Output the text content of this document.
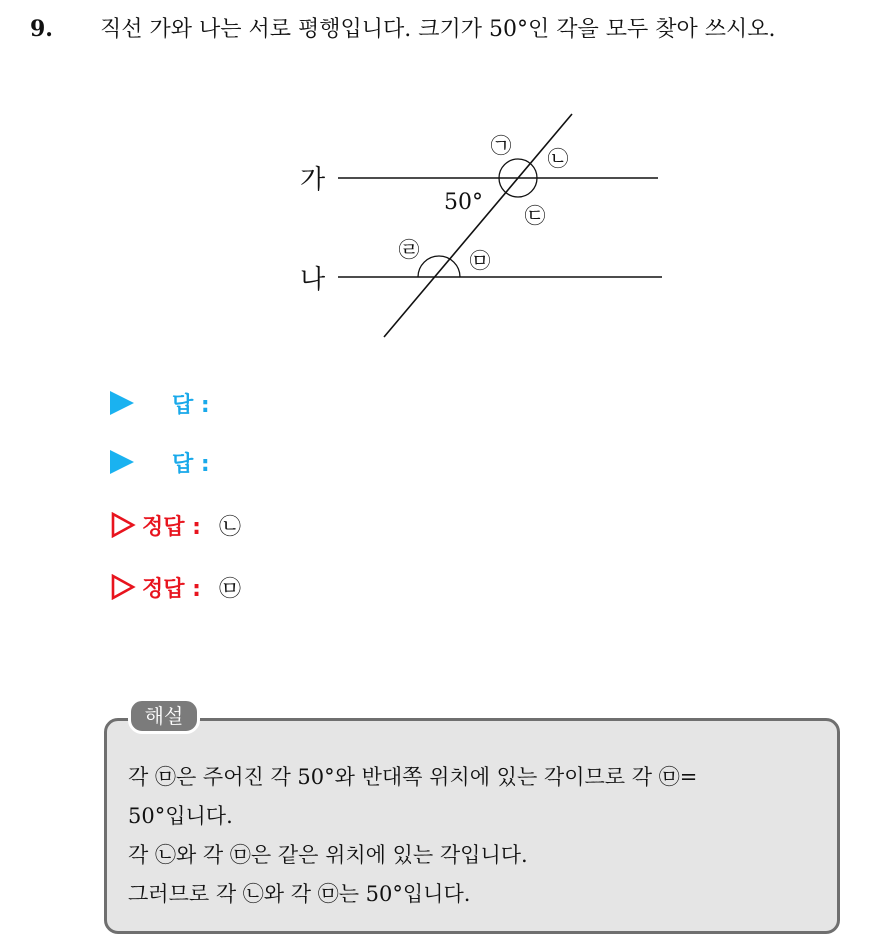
9. 직선 가와 나는 서로 평행입니다. 크기가 50°인 각을 모두 찾아 쓰시오.
가
나
50°
㉠
㉡
㉢
㉣ ㉤
답 :
답 :
정답 : ㉡
정답 : ㉤
해설
각 ㉤은 주어진 각 50°와 반대쪽 위치에 있는 각이므로 각 ㉤=
50°입니다.
각 ㉡와 각 ㉤은 같은 위치에 있는 각입니다.
그러므로 각 ㉡와 각 ㉤는 50°입니다.
